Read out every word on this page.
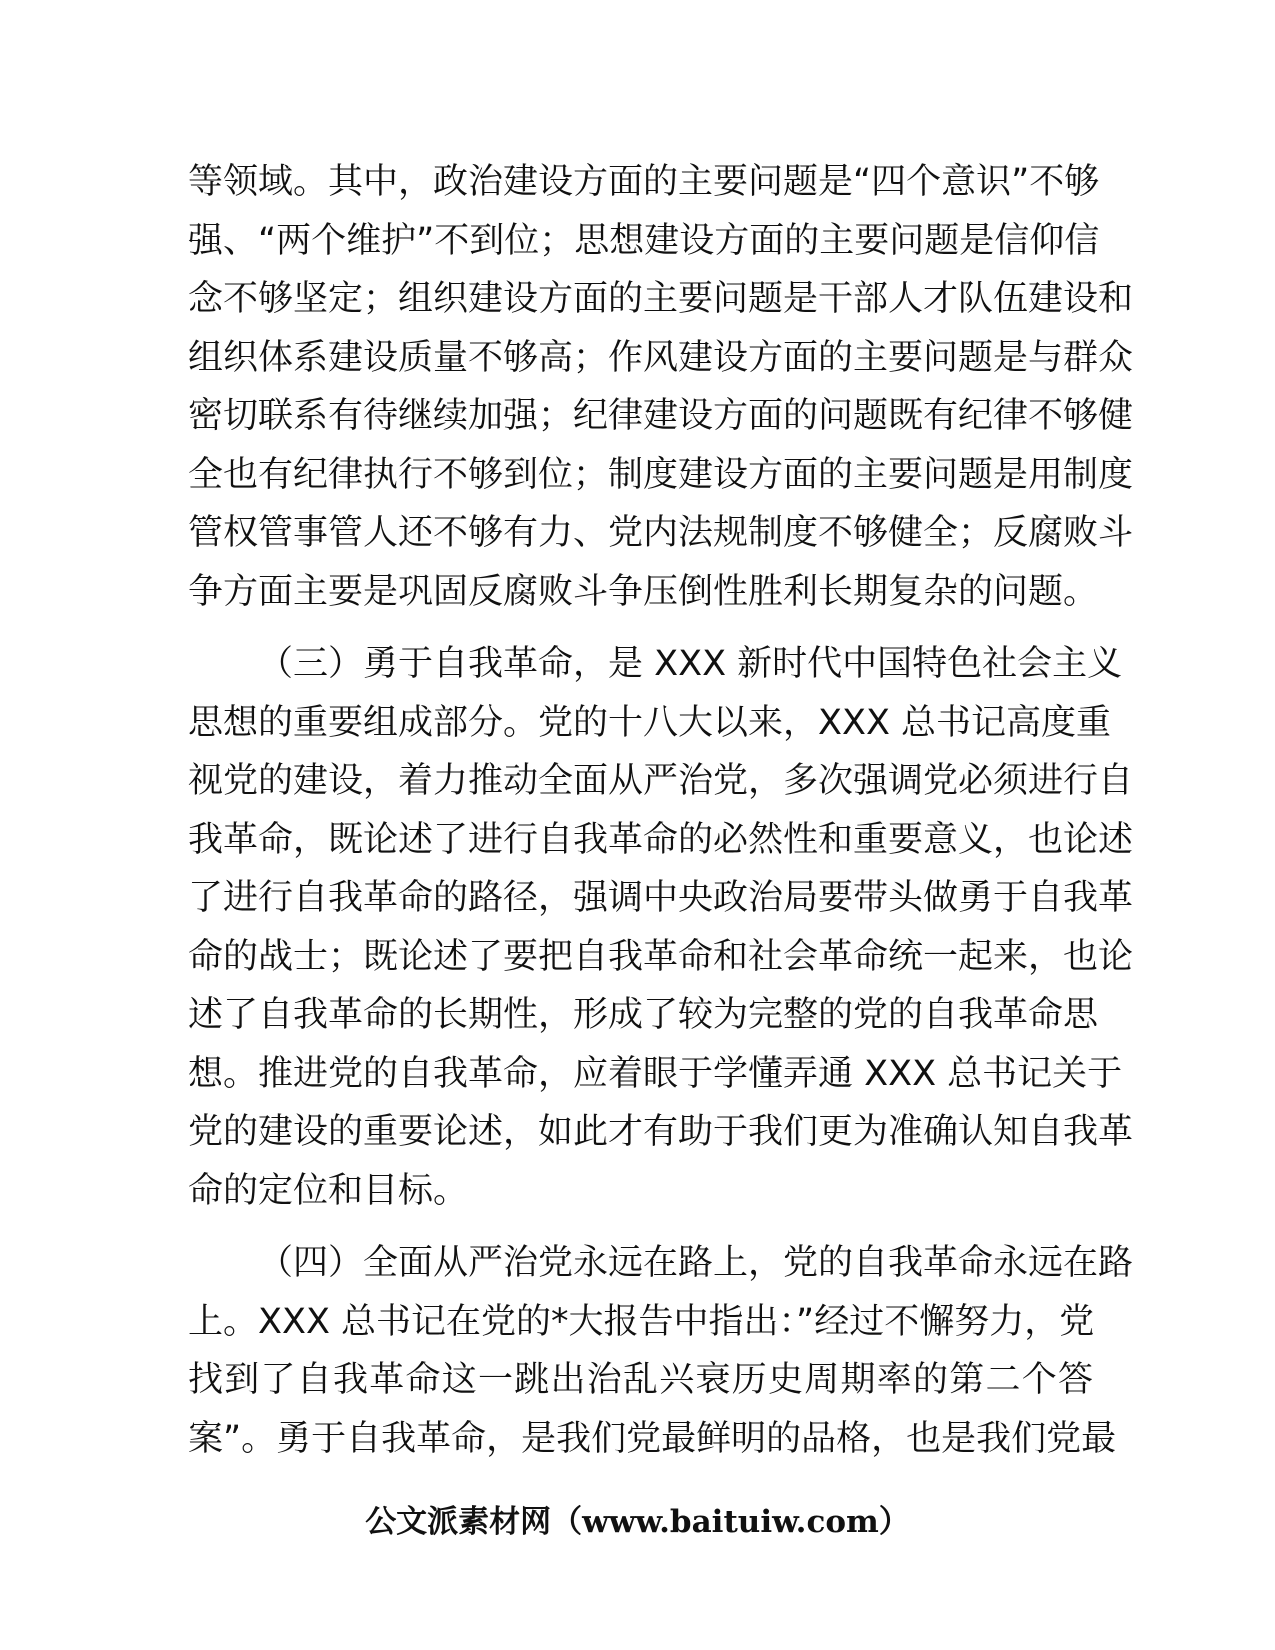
等领域。其中，政治建设方面的主要问题是“四个意识”不够
强、“两个维护”不到位；思想建设方面的主要问题是信仰信
念不够坚定；组织建设方面的主要问题是干部人才队伍建设和
组织体系建设质量不够高；作风建设方面的主要问题是与群众
密切联系有待继续加强；纪律建设方面的问题既有纪律不够健
全也有纪律执行不够到位；制度建设方面的主要问题是用制度
管权管事管人还不够有力、党内法规制度不够健全；反腐败斗
争方面主要是巩固反腐败斗争压倒性胜利长期复杂的问题。
（三）勇于自我革命，是 XXX 新时代中国特色社会主义
思想的重要组成部分。党的十八大以来，XXX 总书记高度重
视党的建设，着力推动全面从严治党，多次强调党必须进行自
我革命，既论述了进行自我革命的必然性和重要意义，也论述
了进行自我革命的路径，强调中央政治局要带头做勇于自我革
命的战士；既论述了要把自我革命和社会革命统一起来，也论
述了自我革命的长期性，形成了较为完整的党的自我革命思
想。推进党的自我革命，应着眼于学懂弄通 XXX 总书记关于
党的建设的重要论述，如此才有助于我们更为准确认知自我革
命的定位和目标。
（四）全面从严治党永远在路上，党的自我革命永远在路
上。XXX 总书记在党的*大报告中指出：”经过不懈努力，党
找到了自我革命这一跳出治乱兴衰历史周期率的第二个答
案”。勇于自我革命，是我们党最鲜明的品格，也是我们党最
公文派素材网（www.baituiw.com）
